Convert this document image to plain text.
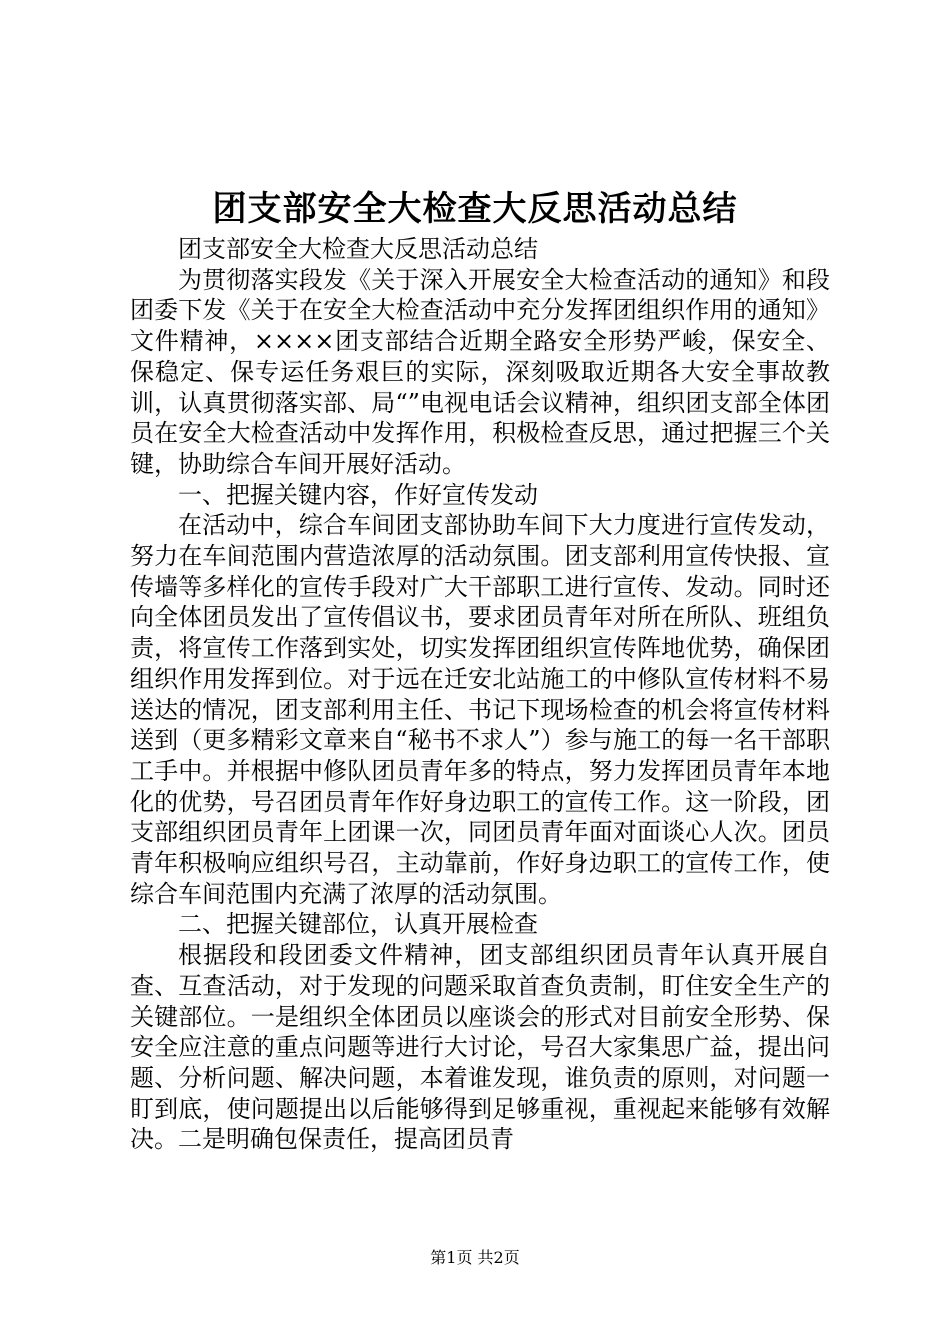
团支部安全大检查大反思活动总结

团支部安全大检查大反思活动总结

为贯彻落实段发《关于深入开展安全大检查活动的通知》和段团委下发《关于在安全大检查活动中充分发挥团组织作用的通知》文件精神，××××团支部结合近期全路安全形势严峻，保安全、保稳定、保专运任务艰巨的实际，深刻吸取近期各大安全事故教训，认真贯彻落实部、局“”电视电话会议精神，组织团支部全体团员在安全大检查活动中发挥作用，积极检查反思，通过把握三个关键，协助综合车间开展好活动。

一、把握关键内容，作好宣传发动

在活动中，综合车间团支部协助车间下大力度进行宣传发动，努力在车间范围内营造浓厚的活动氛围。团支部利用宣传快报、宣传墙等多样化的宣传手段对广大干部职工进行宣传、发动。同时还向全体团员发出了宣传倡议书，要求团员青年对所在所队、班组负责，将宣传工作落到实处，切实发挥团组织宣传阵地优势，确保团组织作用发挥到位。对于远在迁安北站施工的中修队宣传材料不易送达的情况，团支部利用主任、书记下现场检查的机会将宣传材料送到（更多精彩文章来自“秘书不求人”）参与施工的每一名干部职工手中。并根据中修队团员青年多的特点，努力发挥团员青年本地化的优势，号召团员青年作好身边职工的宣传工作。这一阶段，团支部组织团员青年上团课一次，同团员青年面对面谈心人次。团员青年积极响应组织号召，主动靠前，作好身边职工的宣传工作，使综合车间范围内充满了浓厚的活动氛围。

二、把握关键部位，认真开展检查

根据段和段团委文件精神，团支部组织团员青年认真开展自查、互查活动，对于发现的问题采取首查负责制，盯住安全生产的关键部位。一是组织全体团员以座谈会的形式对目前安全形势、保安全应注意的重点问题等进行大讨论，号召大家集思广益，提出问题、分析问题、解决问题，本着谁发现，谁负责的原则，对问题一盯到底，使问题提出以后能够得到足够重视，重视起来能够有效解决。二是明确包保责任，提高团员青

第1页 共2页
